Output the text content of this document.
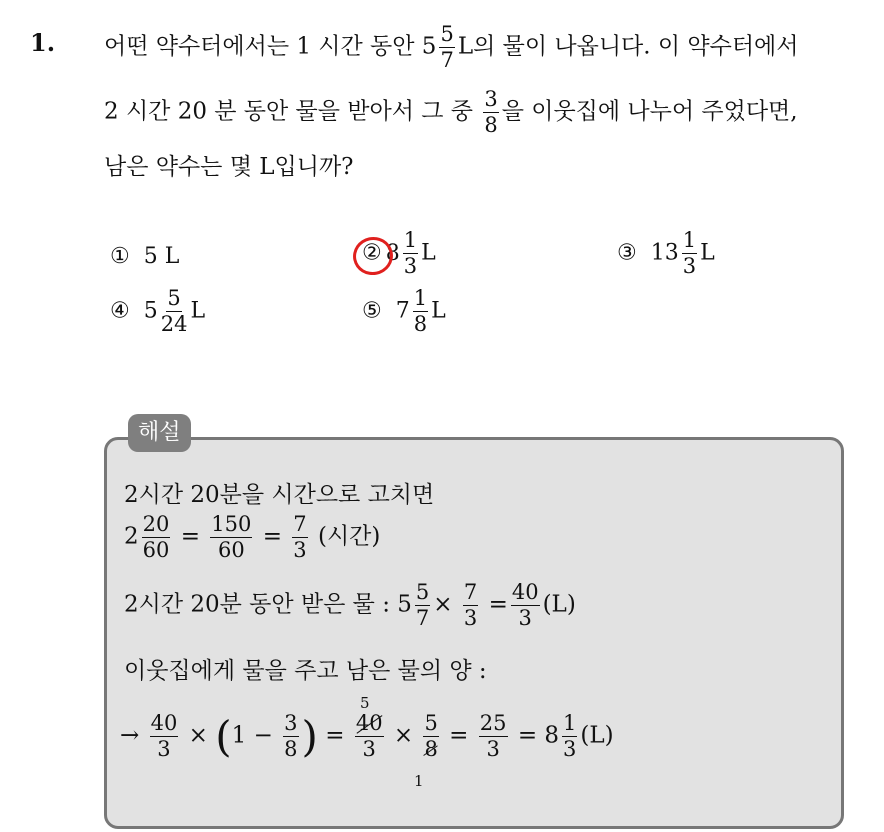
1. 어떤 약수터에서는 1 시간 동안 $5 \frac{5}{7}$ L의 물이 나옵니다. 이 약수터에서
2 시간 20 분 동안 물을 받아서 그 중 $\frac{3}{8}$ 을 이웃집에 나누어 주었다면,
남은 약수는 몇 L입니까?
① 5 L	② $8 \frac{1}{3}$ L	③ $13 \frac{1}{3}$ L
④ $5 \frac{5}{24}$ L	⑤ $7 \frac{1}{8}$ L
해설
2시간 20분을 시간으로 고치면
$2 \frac{20}{60} = \frac{150}{60} = \frac{7}{3}$ (시간)
2시간 20분 동안 받은 물 : $5 \frac{5}{7} \times \frac{7}{3} = \frac{40}{3} (L)$
이웃집에게 물을 주고 남은 물의 양 :
→ $\frac{40}{3} \times (1 - \frac{3}{8}$ ) = $\frac{40}{3} \times \frac{5}{8} = \frac{25}{3} = 8 \frac{1}{3} (L)$
5
1
